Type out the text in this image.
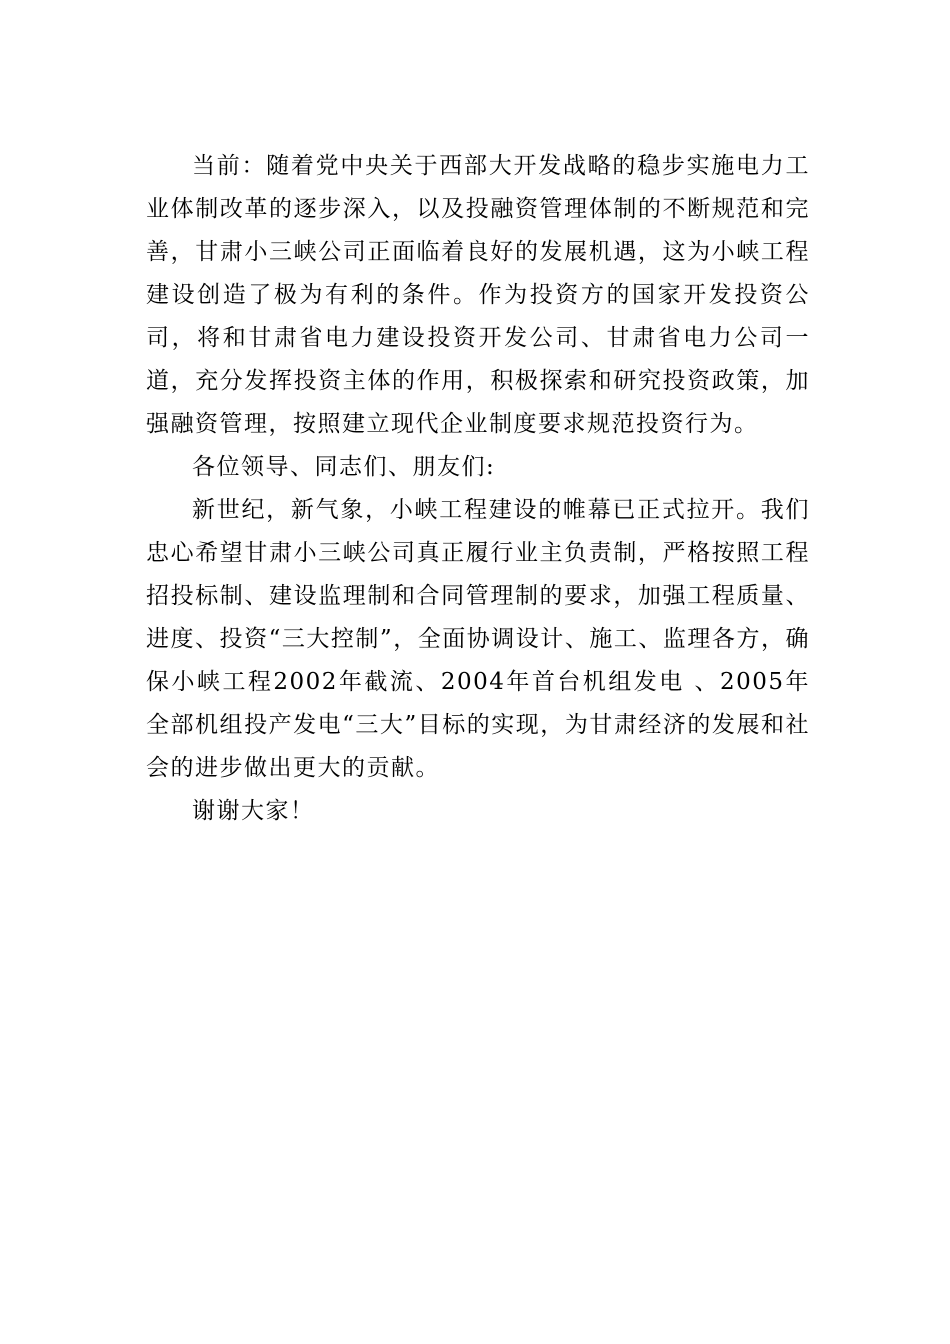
当前：随着党中央关于西部大开发战略的稳步实施电力工业体制改革的逐步深入，以及投融资管理体制的不断规范和完善，甘肃小三峡公司正面临着良好的发展机遇，这为小峡工程建设创造了极为有利的条件。作为投资方的国家开发投资公司，将和甘肃省电力建设投资开发公司、甘肃省电力公司一道，充分发挥投资主体的作用，积极探索和研究投资政策，加强融资管理，按照建立现代企业制度要求规范投资行为。

各位领导、同志们、朋友们:

新世纪，新气象，小峡工程建设的帷幕已正式拉开。我们忠心希望甘肃小三峡公司真正履行业主负责制，严格按照工程招投标制、建设监理制和合同管理制的要求，加强工程质量、进度、投资“三大控制”，全面协调设计、施工、监理各方，确保小峡工程2002年截流、2004年首台机组发电 、2005年全部机组投产发电“三大”目标的实现，为甘肃经济的发展和社会的进步做出更大的贡献。

谢谢大家！
